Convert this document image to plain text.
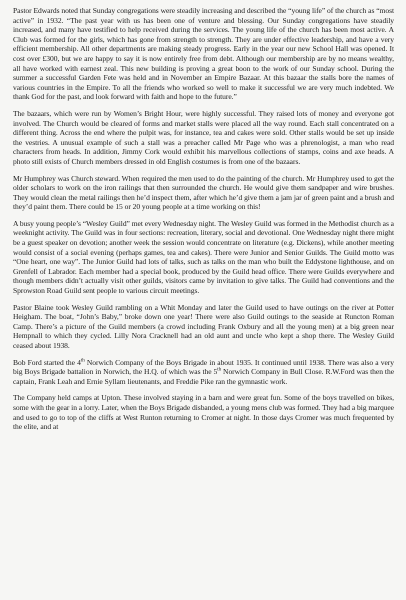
Pastor Edwards noted that Sunday congregations were steadily increasing and described the “young life” of the church as “most active” in 1932. “The past year with us has been one of venture and blessing. Our Sunday congregations have steadily increased, and many have testified to help received during the services. The young life of the church has been most active. A Club was formed for the girls, which has gone from strength to strength. They are under effective leadership, and have a very efficient membership. All other departments are making steady progress. Early in the year our new School Hall was opened. It cost over £300, but we are happy to say it is now entirely free from debt. Although our membership are by no means wealthy, all have worked with earnest zeal. This new building is proving a great boon to the work of our Sunday school. During the summer a successful Garden Fete was held and in November an Empire Bazaar. At this bazaar the stalls bore the names of various countries in the Empire. To all the friends who worked so well to make it successful we are very much indebted. We thank God for the past, and look forward with faith and hope to the future.”

The bazaars, which were run by Women’s Bright Hour, were highly successful. They raised lots of money and everyone got involved. The Church would be cleared of forms and market stalls were placed all the way round. Each stall concentrated on a different thing. Across the end where the pulpit was, for instance, tea and cakes were sold. Other stalls would be set up inside the vestries. A unusual example of such a stall was a preacher called Mr Page who was a phrenologist, a man who read characters from heads. In addition, Jimmy Cork would exhibit his marvellous collections of stamps, coins and axe heads. A photo still exists of Church members dressed in old English costumes is from one of the bazaars.

Mr Humphrey was Church steward. When required the men used to do the painting of the church. Mr Humphrey used to get the older scholars to work on the iron railings that then surrounded the church. He would give them sandpaper and wire brushes. They would clean the metal railings then he’d inspect them, after which he’d give them a jam jar of green paint and a brush and they’d paint them. There could be 15 or 20 young people at a time working on this!

A busy young people’s “Wesley Guild” met every Wednesday night. The Wesley Guild was formed in the Methodist church as a weeknight activity. The Guild was in four sections: recreation, literary, social and devotional. One Wednesday night there might be a guest speaker on devotion; another week the session would concentrate on literature (e.g. Dickens), while another meeting would consist of a social evening (perhaps games, tea and cakes). There were Junior and Senior Guilds. The Guild motto was “One heart, one way”. The Junior Guild had lots of talks, such as talks on the man who built the Eddystone lighthouse, and on Grenfell of Labrador. Each member had a special book, produced by the Guild head office. There were Guilds everywhere and though members didn’t actually visit other guilds, visitors came by invitation to give talks. The Guild had conventions and the Sprowston Road Guild sent people to various circuit meetings.

Pastor Blaine took Wesley Guild rambling on a Whit Monday and later the Guild used to have outings on the river at Potter Heigham. The boat, “John’s Baby,” broke down one year! There were also Guild outings to the seaside at Runcton Roman Camp. There’s a picture of the Guild members (a crowd including Frank Oxbury and all the young men) at a big green near Hempnall to which they cycled. Lilly Nora Cracknell had an old aunt and uncle who kept a shop there. The Wesley Guild ceased about 1938.

Bob Ford started the 4th Norwich Company of the Boys Brigade in about 1935. It continued until 1938. There was also a very big Boys Brigade battalion in Norwich, the H.Q. of which was the 5th Norwich Company in Bull Close. R.W.Ford was then the captain, Frank Leah and Ernie Syllam lieutenants, and Freddie Pike ran the gymnastic work.

The Company held camps at Upton. These involved staying in a barn and were great fun. Some of the boys travelled on bikes, some with the gear in a lorry. Later, when the Boys Brigade disbanded, a young mens club was formed. They had a big marquee and used to go to top of the cliffs at West Runton returning to Cromer at night. In those days Cromer was much frequented by the elite, and at
